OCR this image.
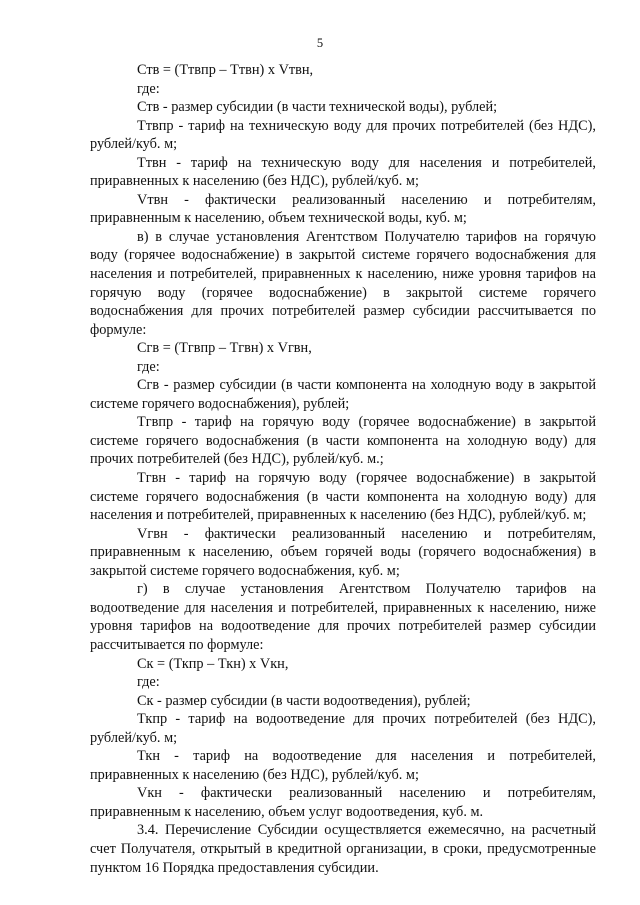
5

Ств = (Ттвпр – Ттвн) х Vтвн,

где:

Ств - размер субсидии (в части технической воды), рублей;

Ттвпр - тариф на техническую воду для прочих потребителей (без НДС), рублей/куб. м;

Ттвн - тариф на техническую воду для населения и потребителей, приравненных к населению (без НДС), рублей/куб. м;

Vтвн - фактически реализованный населению и потребителям, приравненным к населению, объем технической воды, куб. м;

в) в случае установления Агентством Получателю тарифов на горячую воду (горячее водоснабжение) в закрытой системе горячего водоснабжения для населения и потребителей, приравненных к населению, ниже уровня тарифов на горячую воду (горячее водоснабжение) в закрытой системе горячего водоснабжения для прочих потребителей размер субсидии рассчитывается по формуле:

Сгв = (Тгвпр – Тгвн) х Vгвн,

где:

Сгв - размер субсидии (в части компонента на холодную воду в закрытой системе горячего водоснабжения), рублей;

Тгвпр - тариф на горячую воду (горячее водоснабжение) в закрытой системе горячего водоснабжения (в части компонента на холодную воду) для прочих потребителей (без НДС), рублей/куб. м.;

Тгвн - тариф на горячую воду (горячее водоснабжение) в закрытой системе горячего водоснабжения (в части компонента на холодную воду) для населения и потребителей, приравненных к населению (без НДС), рублей/куб. м;

Vгвн - фактически реализованный населению и потребителям, приравненным к населению, объем горячей воды (горячего водоснабжения) в закрытой системе горячего водоснабжения, куб. м;

г) в случае установления Агентством Получателю тарифов на водоотведение для населения и потребителей, приравненных к населению, ниже уровня тарифов на водоотведение для прочих потребителей размер субсидии рассчитывается по формуле:

Ск = (Ткпр – Ткн) х Vкн,

где:

Ск - размер субсидии (в части водоотведения), рублей;

Ткпр - тариф на водоотведение для прочих потребителей (без НДС), рублей/куб. м;

Ткн - тариф на водоотведение для населения и потребителей, приравненных к населению (без НДС), рублей/куб. м;

Vкн - фактически реализованный населению и потребителям, приравненным к населению, объем услуг водоотведения, куб. м.

3.4. Перечисление Субсидии осуществляется ежемесячно, на расчетный счет Получателя, открытый в кредитной организации, в сроки, предусмотренные пунктом 16 Порядка предоставления субсидии.
